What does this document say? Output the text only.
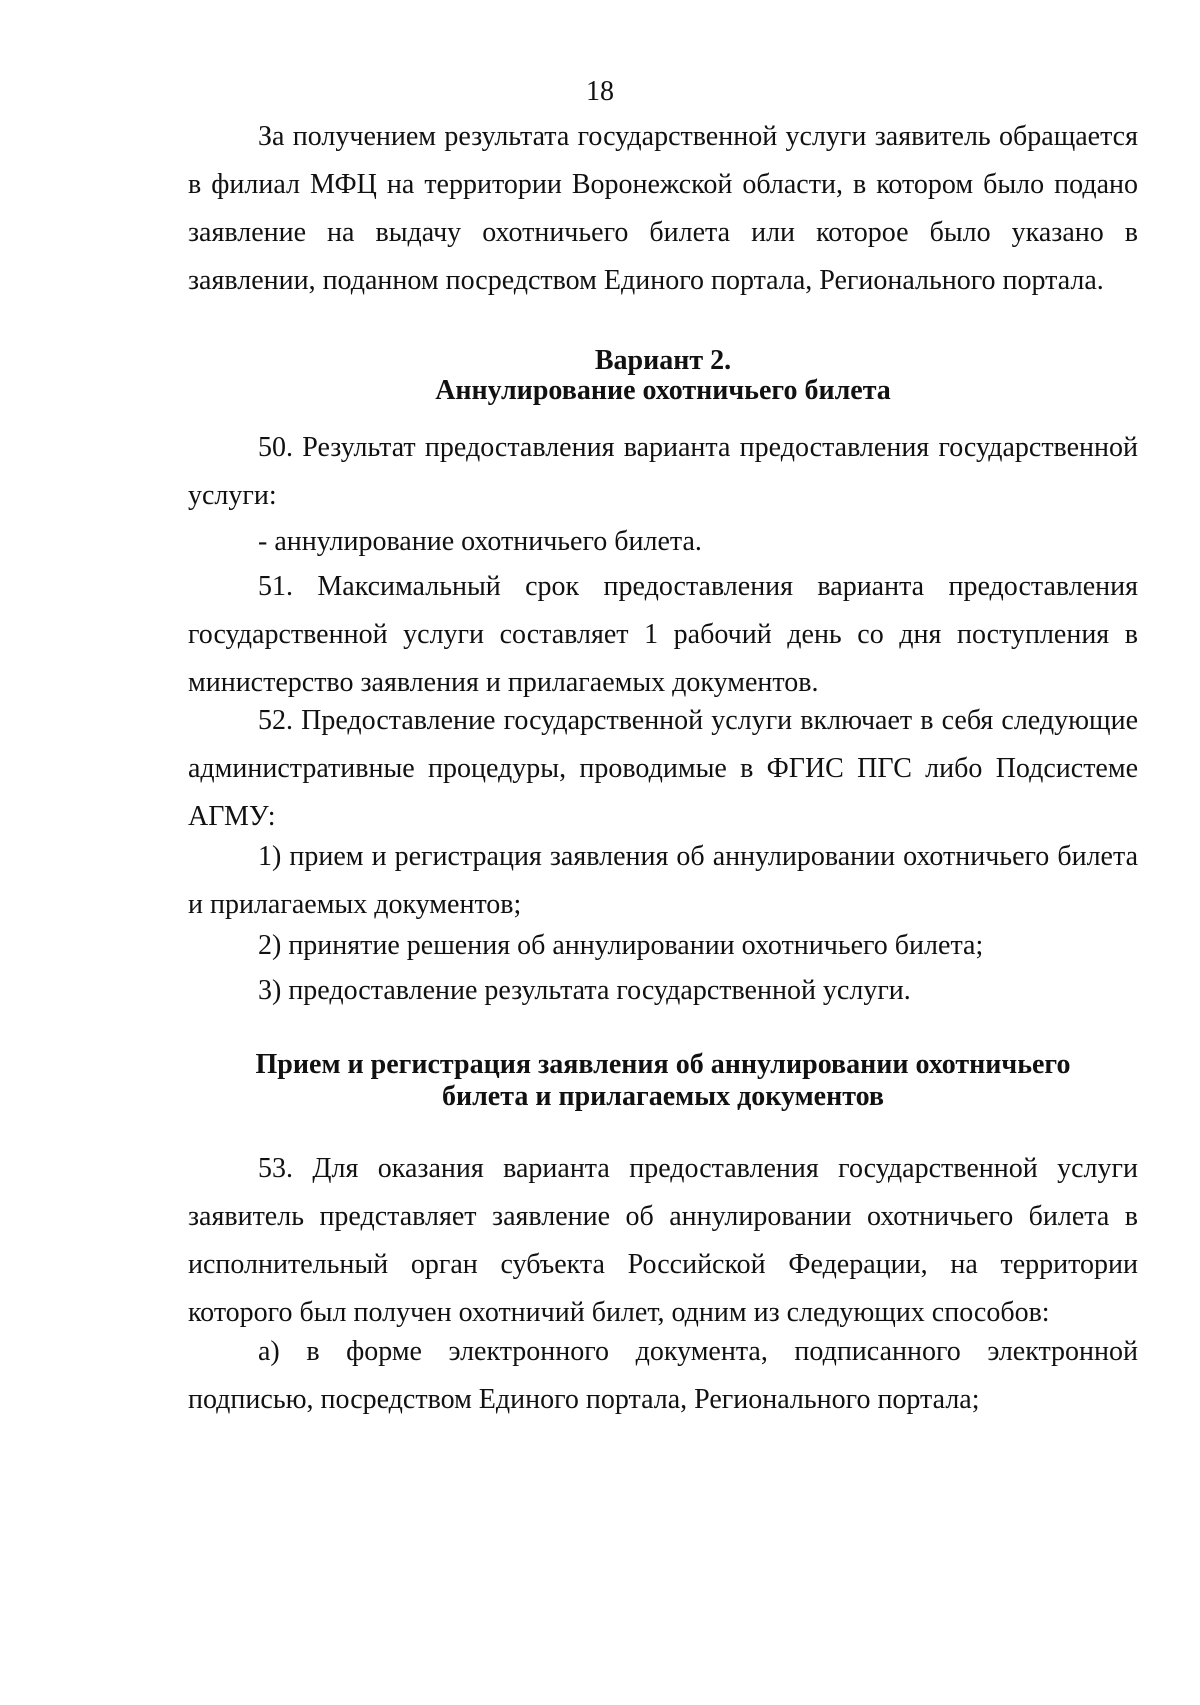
18

За получением результата государственной услуги заявитель обращается в филиал МФЦ на территории Воронежской области, в котором было подано заявление на выдачу охотничьего билета или которое было указано в заявлении, поданном посредством Единого портала, Регионального портала.

Вариант 2.

Аннулирование охотничьего билета

50. Результат предоставления варианта предоставления государственной услуги:

- аннулирование охотничьего билета.

51. Максимальный срок предоставления варианта предоставления государственной услуги составляет 1 рабочий день со дня поступления в министерство заявления и прилагаемых документов.

52. Предоставление государственной услуги включает в себя следующие административные процедуры, проводимые в ФГИС ПГС либо Подсистеме АГМУ:

1) прием и регистрация заявления об аннулировании охотничьего билета и прилагаемых документов;

2) принятие решения об аннулировании охотничьего билета;

3) предоставление результата государственной услуги.

Прием и регистрация заявления об аннулировании охотничьего

билета и прилагаемых документов

53. Для оказания варианта предоставления государственной услуги заявитель представляет заявление об аннулировании охотничьего билета в исполнительный орган субъекта Российской Федерации, на территории которого был получен охотничий билет, одним из следующих способов:

а) в форме электронного документа, подписанного электронной подписью, посредством Единого портала, Регионального портала;
